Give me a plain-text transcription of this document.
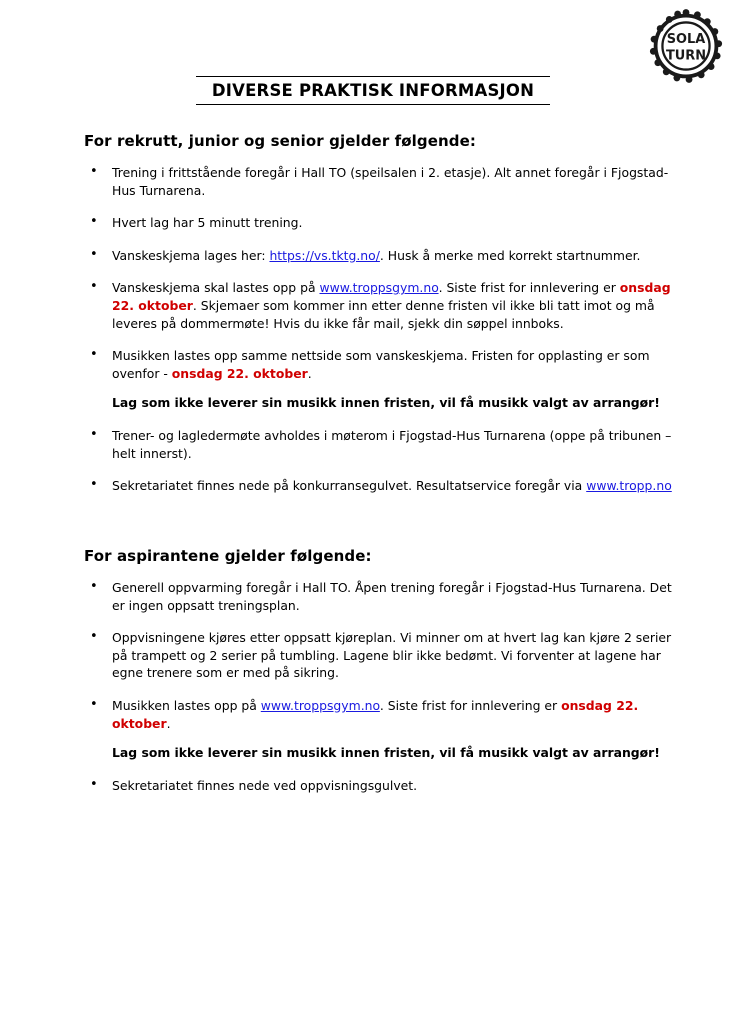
SOLA
TURN
DIVERSE PRAKTISK INFORMASJON
For rekrutt, junior og senior gjelder følgende:
• Trening i frittstående foregår i Hall TO (speilsalen i 2. etasje). Alt annet foregår i Fjogstad-Hus Turnarena.
• Hvert lag har 5 minutt trening.
• Vanskeskjema lages her: https://vs.tktg.no/. Husk å merke med korrekt startnummer.
• Vanskeskjema skal lastes opp på www.troppsgym.no. Siste frist for innlevering er onsdag 22. oktober. Skjemaer som kommer inn etter denne fristen vil ikke bli tatt imot og må leveres på dommermøte! Hvis du ikke får mail, sjekk din søppel innboks.
• Musikken lastes opp samme nettside som vanskeskjema. Fristen for opplasting er som ovenfor - onsdag 22. oktober.
Lag som ikke leverer sin musikk innen fristen, vil få musikk valgt av arrangør!
• Trener- og lagledermøte avholdes i møterom i Fjogstad-Hus Turnarena (oppe på tribunen – helt innerst).
• Sekretariatet finnes nede på konkurransegulvet. Resultatservice foregår via www.tropp.no
For aspirantene gjelder følgende:
• Generell oppvarming foregår i Hall TO. Åpen trening foregår i Fjogstad-Hus Turnarena. Det er ingen oppsatt treningsplan.
• Oppvisningene kjøres etter oppsatt kjøreplan. Vi minner om at hvert lag kan kjøre 2 serier på trampett og 2 serier på tumbling. Lagene blir ikke bedømt. Vi forventer at lagene har egne trenere som er med på sikring.
• Musikken lastes opp på www.troppsgym.no. Siste frist for innlevering er onsdag 22. oktober.
Lag som ikke leverer sin musikk innen fristen, vil få musikk valgt av arrangør!
• Sekretariatet finnes nede ved oppvisningsgulvet.
